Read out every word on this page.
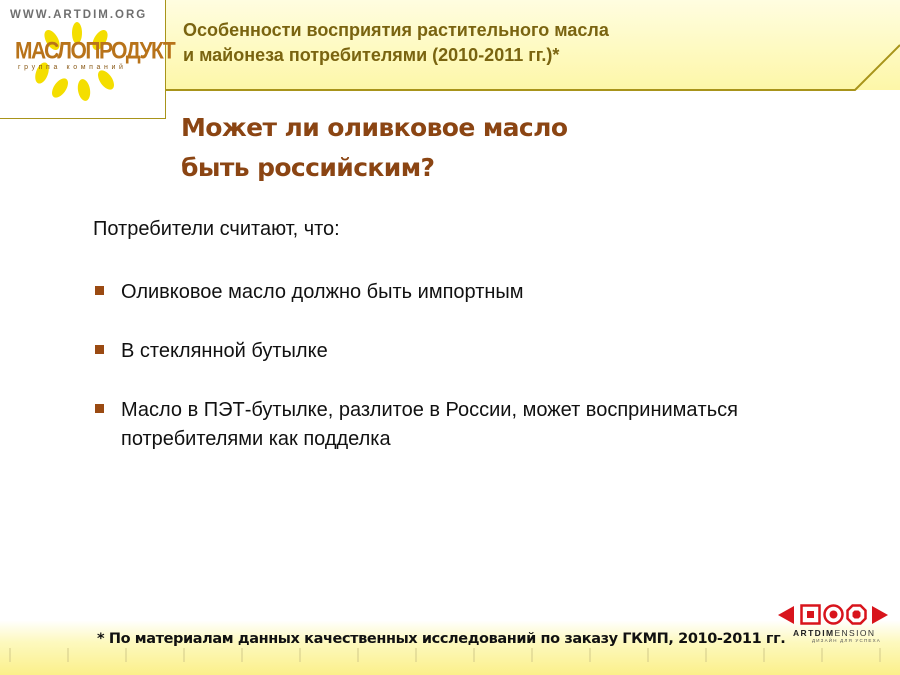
WWW.ARTDIM.ORG
МАСЛОПРОДУКТ
группа компаний
Особенности восприятия растительного масла
и майонеза потребителями (2010-2011 гг.)*
Может ли оливковое масло
быть российским?
Потребители считают, что:
Оливковое масло должно быть импортным
В стеклянной бутылке
Масло в ПЭТ-бутылке, разлитое в России, может воспринимaться потребителями как подделка
* По материалам данных качественных исследований по заказу ГКМП, 2010-2011 гг. ARTDIMENSION
ДИЗАЙН ДЛЯ УСПЕХА
